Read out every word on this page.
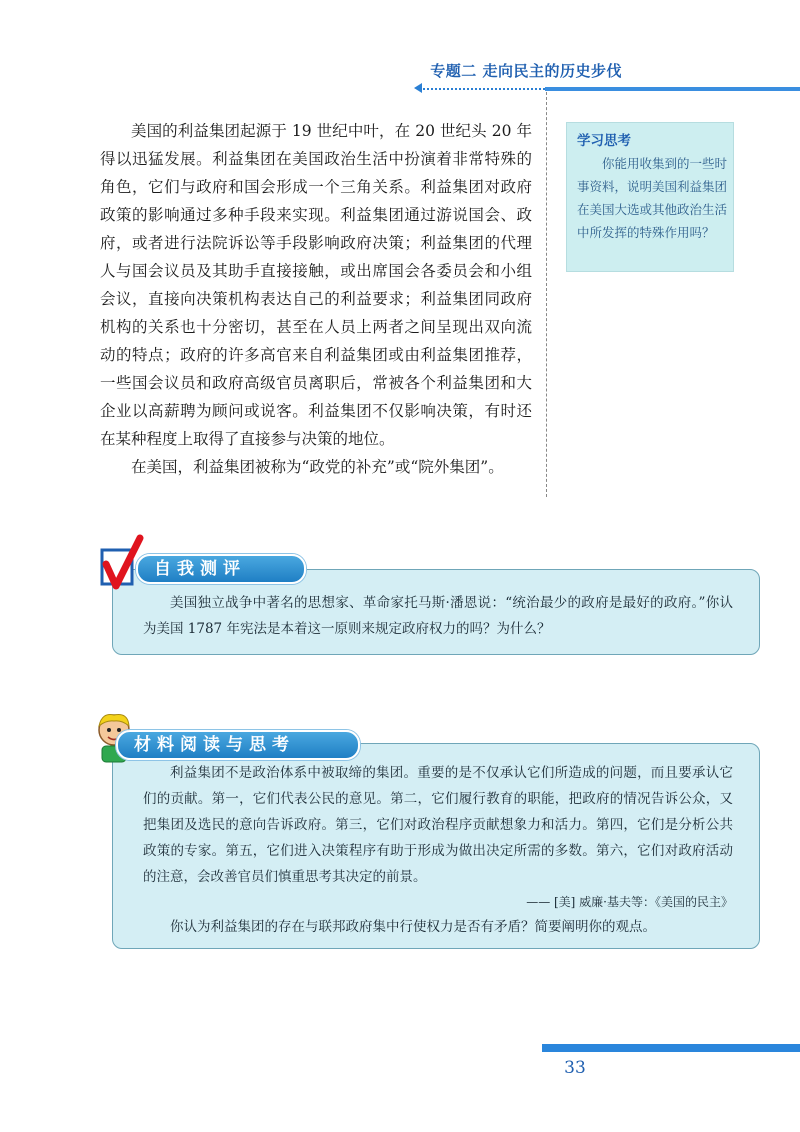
专题二 走向民主的历史步伐

美国的利益集团起源于 19 世纪中叶，在 20 世纪头 20 年得以迅猛发展。利益集团在美国政治生活中扮演着非常特殊的角色，它们与政府和国会形成一个三角关系。利益集团对政府政策的影响通过多种手段来实现。利益集团通过游说国会、政府，或者进行法院诉讼等手段影响政府决策；利益集团的代理人与国会议员及其助手直接接触，或出席国会各委员会和小组会议，直接向决策机构表达自己的利益要求；利益集团同政府机构的关系也十分密切，甚至在人员上两者之间呈现出双向流动的特点；政府的许多高官来自利益集团或由利益集团推荐，一些国会议员和政府高级官员离职后，常被各个利益集团和大企业以高薪聘为顾问或说客。利益集团不仅影响决策，有时还在某种程度上取得了直接参与决策的地位。

在美国，利益集团被称为“政党的补充”或“院外集团”。

学习思考
你能用收集到的一些时事资料，说明美国利益集团在美国大选或其他政治生活中所发挥的特殊作用吗？
美国独立战争中著名的思想家、革命家托马斯·潘恩说：“统治最少的政府是最好的政府。”你认为美国 1787 年宪法是本着这一原则来规定政府权力的吗？为什么？
自我测评

利益集团不是政治体系中被取缔的集团。重要的是不仅承认它们所造成的问题，而且要承认它们的贡献。第一，它们代表公民的意见。第二，它们履行教育的职能，把政府的情况告诉公众，又把集团及选民的意向告诉政府。第三，它们对政治程序贡献想象力和活力。第四，它们是分析公共政策的专家。第五，它们进入决策程序有助于形成为做出决定所需的多数。第六，它们对政府活动的注意，会改善官员们慎重思考其决定的前景。

—— [美] 威廉·基夫等：《美国的民主》

你认为利益集团的存在与联邦政府集中行使权力是否有矛盾？简要阐明你的观点。

材料阅读与思考
33
